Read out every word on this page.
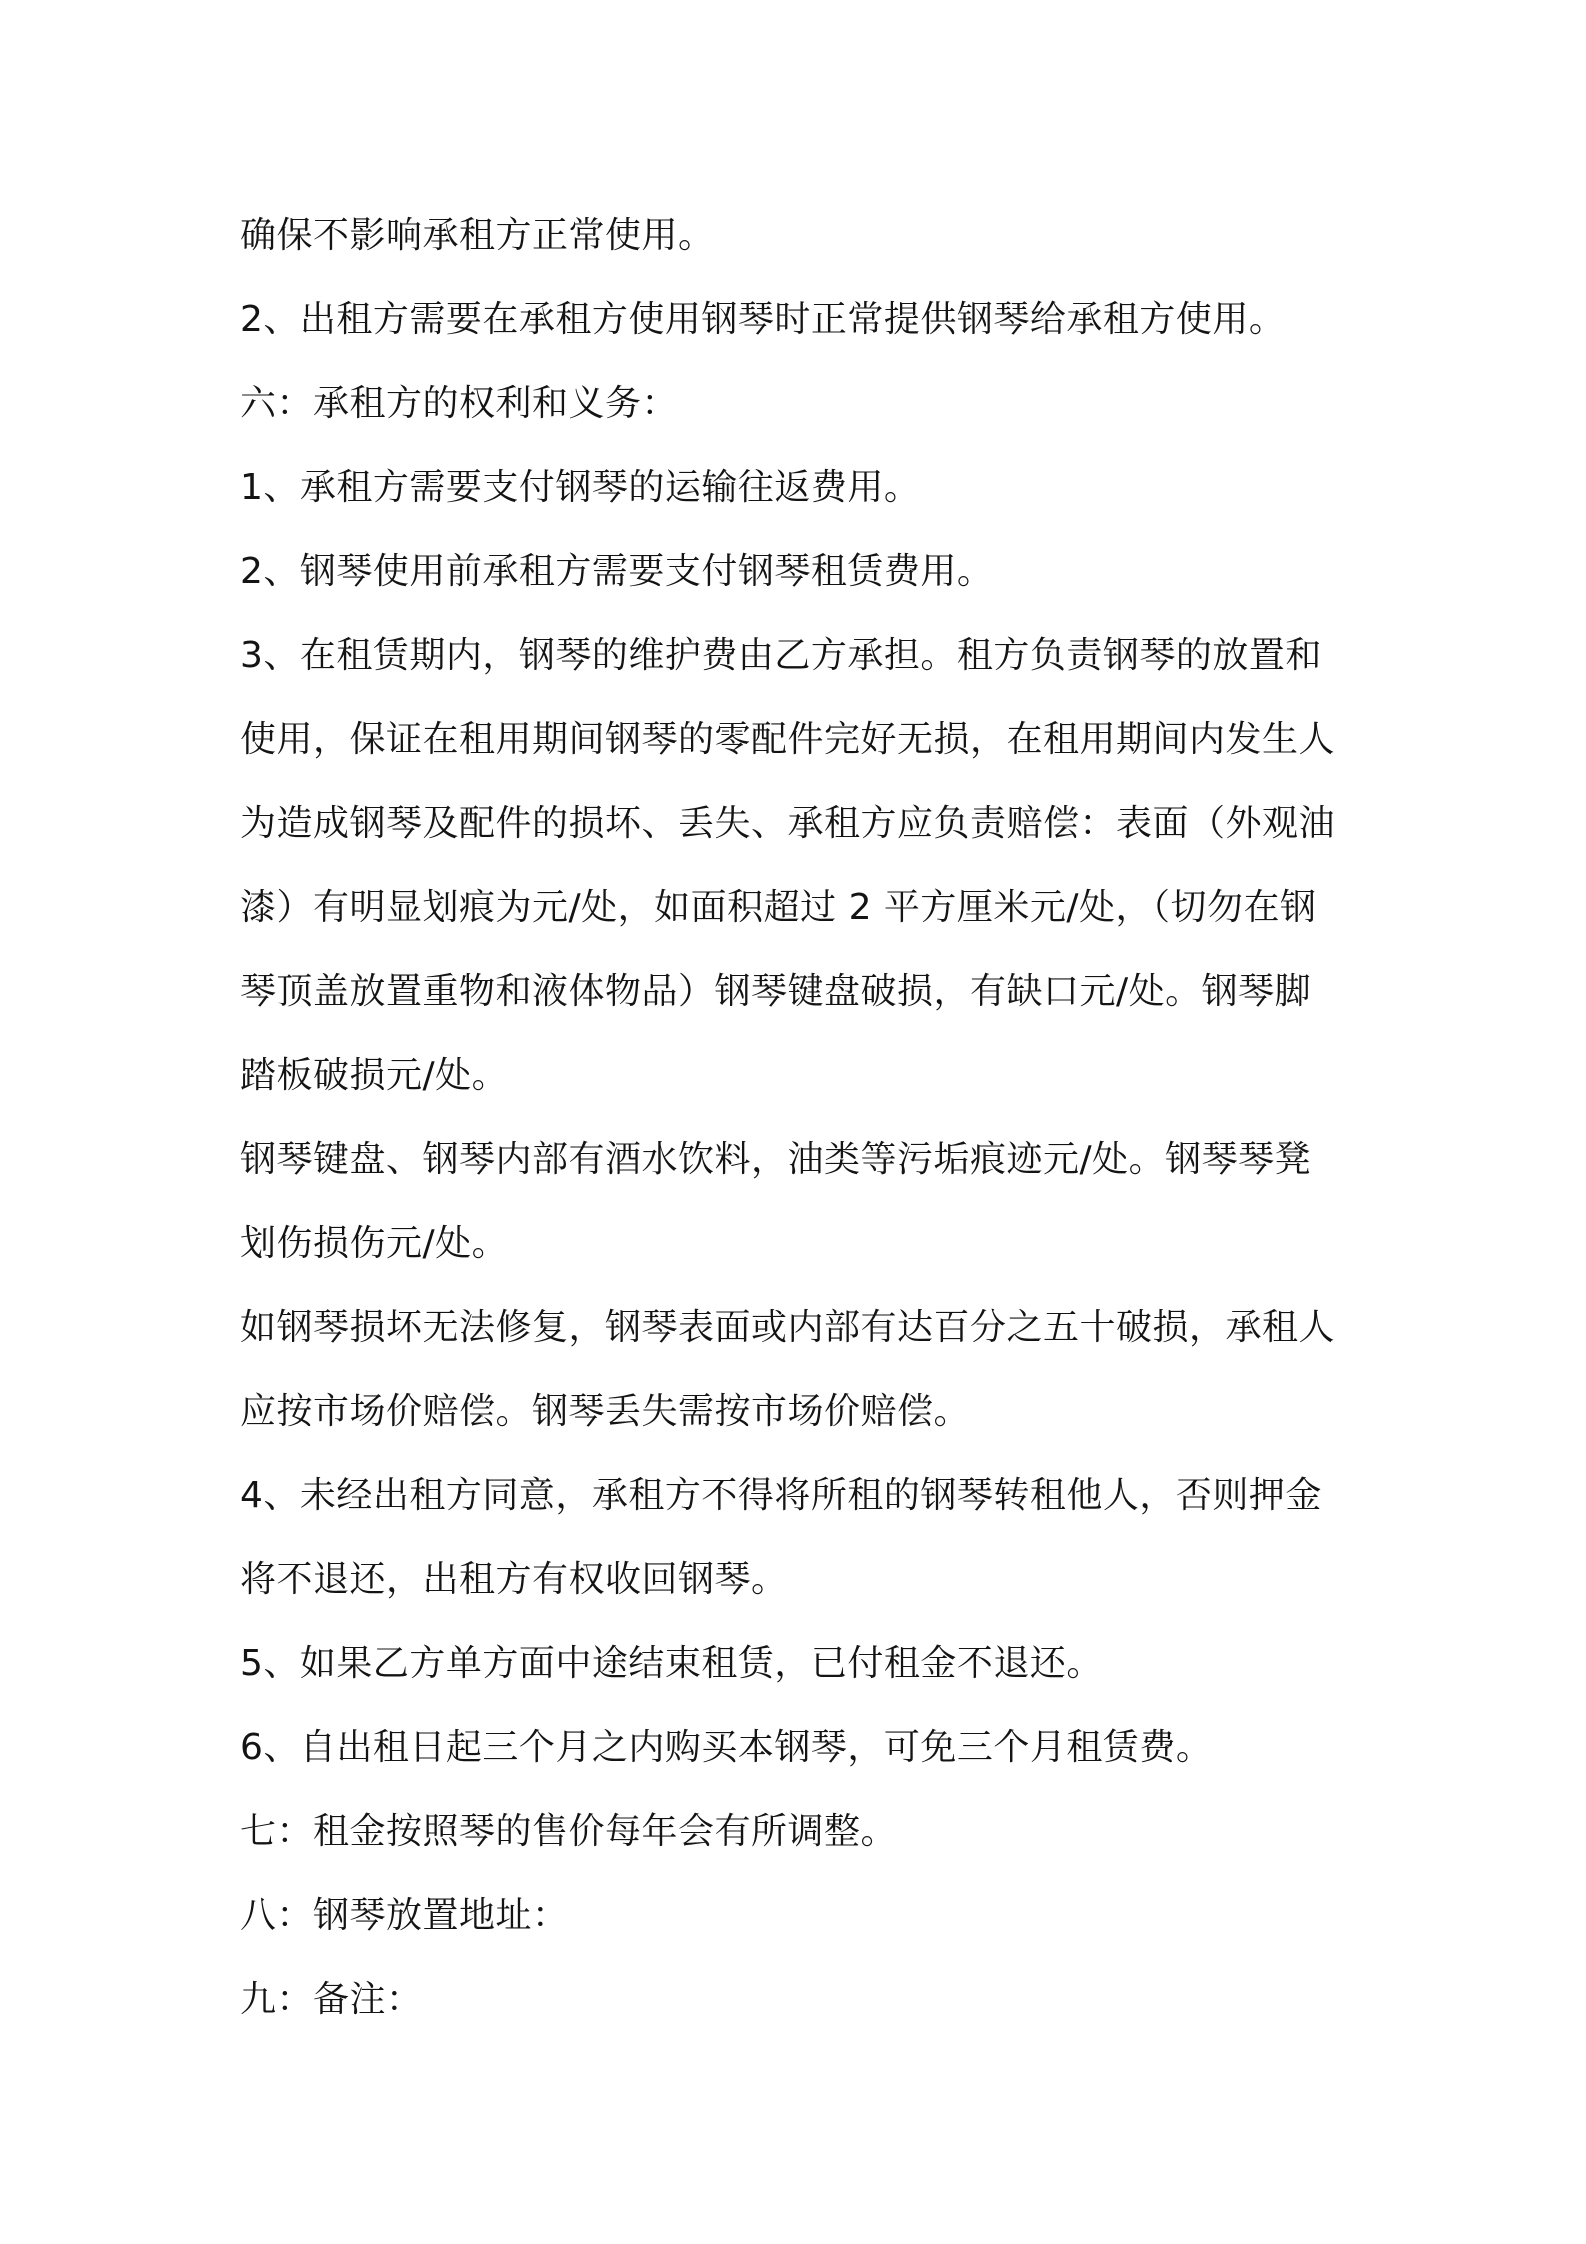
确保不影响承租方正常使用。
2、出租方需要在承租方使用钢琴时正常提供钢琴给承租方使用。
六：承租方的权利和义务：
1、承租方需要支付钢琴的运输往返费用。
2、钢琴使用前承租方需要支付钢琴租赁费用。
3、在租赁期内，钢琴的维护费由乙方承担。租方负责钢琴的放置和
使用，保证在租用期间钢琴的零配件完好无损，在租用期间内发生人
为造成钢琴及配件的损坏、丢失、承租方应负责赔偿：表面（外观油
漆）有明显划痕为元/处，如面积超过 2 平方厘米元/处，（切勿在钢
琴顶盖放置重物和液体物品）钢琴键盘破损，有缺口元/处。钢琴脚
踏板破损元/处。
钢琴键盘、钢琴内部有酒水饮料，油类等污垢痕迹元/处。钢琴琴凳
划伤损伤元/处。
如钢琴损坏无法修复，钢琴表面或内部有达百分之五十破损，承租人
应按市场价赔偿。钢琴丢失需按市场价赔偿。
4、未经出租方同意，承租方不得将所租的钢琴转租他人，否则押金
将不退还，出租方有权收回钢琴。
5、如果乙方单方面中途结束租赁，已付租金不退还。
6、自出租日起三个月之内购买本钢琴，可免三个月租赁费。
七：租金按照琴的售价每年会有所调整。
八：钢琴放置地址：
九：备注：
